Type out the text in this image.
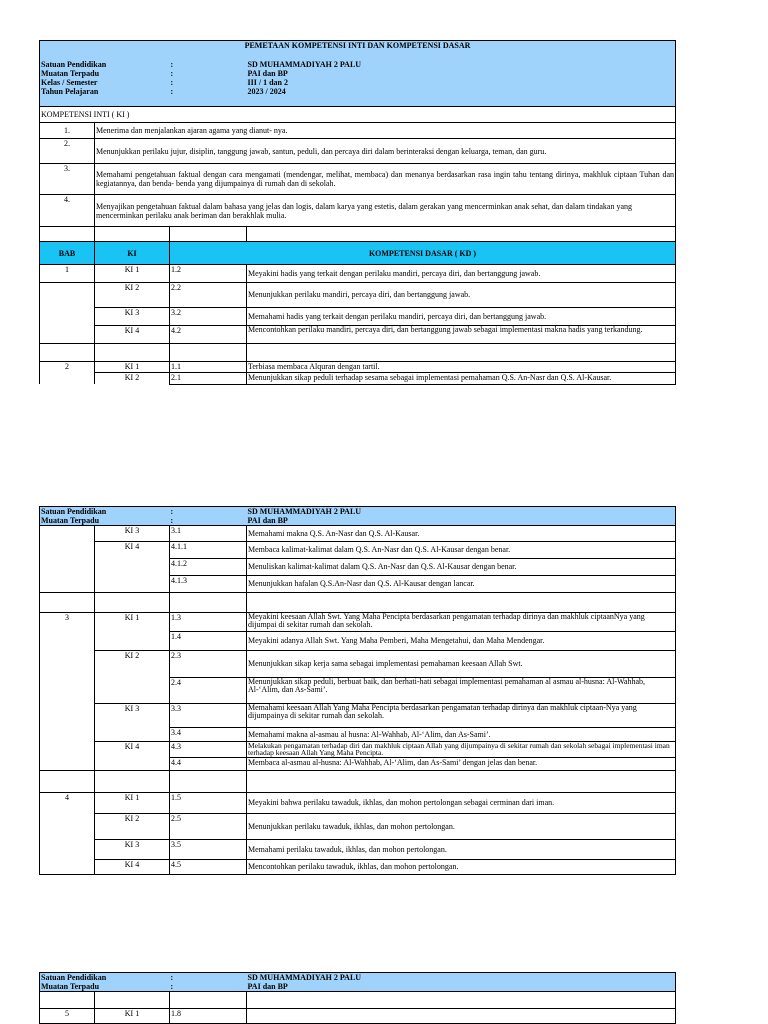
PEMETAAN KOMPETENSI INTI DAN KOMPETENSI DASAR			

Satuan Pendidikan		:	SD MUHAMMADIYAH 2 PALU
Muatan Terpadu		:	PAI dan BP
Kelas / Semester		:	III / 1 dan 2
Tahun Pelajaran		:	2023 / 2024

KOMPETENSI INTI ( KI )			
1.	Menerima dan menjalankan ajaran agama yang dianut- nya.		
2.	Menunjukkan perilaku jujur, disiplin, tanggung jawab, santun, peduli, dan percaya diri dalam berinteraksi dengan keluarga, teman, dan guru.		
3.	Memahami pengetahuan faktual dengan cara mengamati (mendengar, melihat, membaca) dan menanya berdasarkan rasa ingin tahu tentang dirinya, makhluk ciptaan Tuhan dan kegiatannya, dan benda- benda yang dijumpainya di rumah dan di sekolah.		
4.	Menyajikan pengetahuan faktual dalam bahasa yang jelas dan logis, dalam karya yang estetis, dalam gerakan yang mencerminkan anak sehat, dan dalam tindakan yang mencerminkan perilaku anak beriman dan berakhlak mulia.		

BAB	KI	KOMPETENSI DASAR ( KD )	
1	KI 1	1.2	Meyakini hadis yang terkait dengan perilaku mandiri, percaya diri, dan bertanggung jawab.
	KI 2	2.2	Menunjukkan perilaku mandiri, percaya diri, dan bertanggung jawab.
	KI 3	3.2	Memahami hadis yang terkait dengan perilaku mandiri, percaya diri, dan bertanggung jawab.
	KI 4	4.2	Mencontohkan perilaku mandiri, percaya diri, dan bertanggung jawab sebagai implementasi makna hadis yang terkandung.

2	KI 1	1.1	Terbiasa membaca Alquran dengan tartil.
	KI 2	2.1	Menunjukkan sikap peduli terhadap sesama sebagai implementasi pemahaman Q.S. An-Nasr dan Q.S. Al-Kausar.
Satuan Pendidikan		:	SD MUHAMMADIYAH 2 PALU
Muatan Terpadu		:	PAI dan BP
	KI 3	3.1	Memahami makna Q.S. An-Nasr dan Q.S. Al-Kausar.
	KI 4	4.1.1	Membaca kalimat-kalimat dalam Q.S. An-Nasr dan Q.S. Al-Kausar dengan benar.
		4.1.2	Menuliskan kalimat-kalimat dalam Q.S. An-Nasr dan Q.S. Al-Kausar dengan benar.
		4.1.3	Menunjukkan hafalan Q.S.An-Nasr dan Q.S. Al-Kausar dengan lancar.

3	KI 1	1.3	Meyakini keesaan Allah Swt. Yang Maha Pencipta berdasarkan pengamatan terhadap dirinya dan makhluk ciptaanNya yang dijumpai di sekitar rumah dan sekolah.
		1.4	Meyakini adanya Allah Swt. Yang Maha Pemberi, Maha Mengetahui, dan Maha Mendengar.
	KI 2	2.3	Menunjukkan sikap kerja sama sebagai implementasi pemahaman keesaan Allah Swt.
		2.4	Menunjukkan sikap peduli, berbuat baik, dan berhati-hati sebagai implementasi pemahaman al asmau al-husna: Al-Wahhab, Al-‘Alim, dan As-Sami’.
	KI 3	3.3	Memahami keesaan Allah Yang Maha Pencipta berdasarkan pengamatan terhadap dirinya dan makhluk ciptaan-Nya yang dijumpainya di sekitar rumah dan sekolah.
		3.4	Memahami makna al-asmau al husna: Al-Wahhab, Al-‘Alim, dan As-Sami’.
	KI 4	4.3	Melakukan pengamatan terhadap diri dan makhluk ciptaan Allah yang dijumpainya di sekitar rumah dan sekolah sebagai implementasi iman terhadap keesaan Allah Yang Maha Pencipta.
		4.4	Membaca al-asmau al-husna: Al-Wahhab, Al-‘Alim, dan As-Sami’ dengan jelas dan benar.

4	KI 1	1.5	Meyakini bahwa perilaku tawaduk, ikhlas, dan mohon pertolongan sebagai cerminan dari iman.
	KI 2	2.5	Menunjukkan perilaku tawaduk, ikhlas, dan mohon pertolongan.
	KI 3	3.5	Memahami perilaku tawaduk, ikhlas, dan mohon pertolongan.
	KI 4	4.5	Mencontohkan perilaku tawaduk, ikhlas, dan mohon pertolongan.
Satuan Pendidikan		:	SD MUHAMMADIYAH 2 PALU
Muatan Terpadu		:	PAI dan BP

5	KI 1	1.8	
